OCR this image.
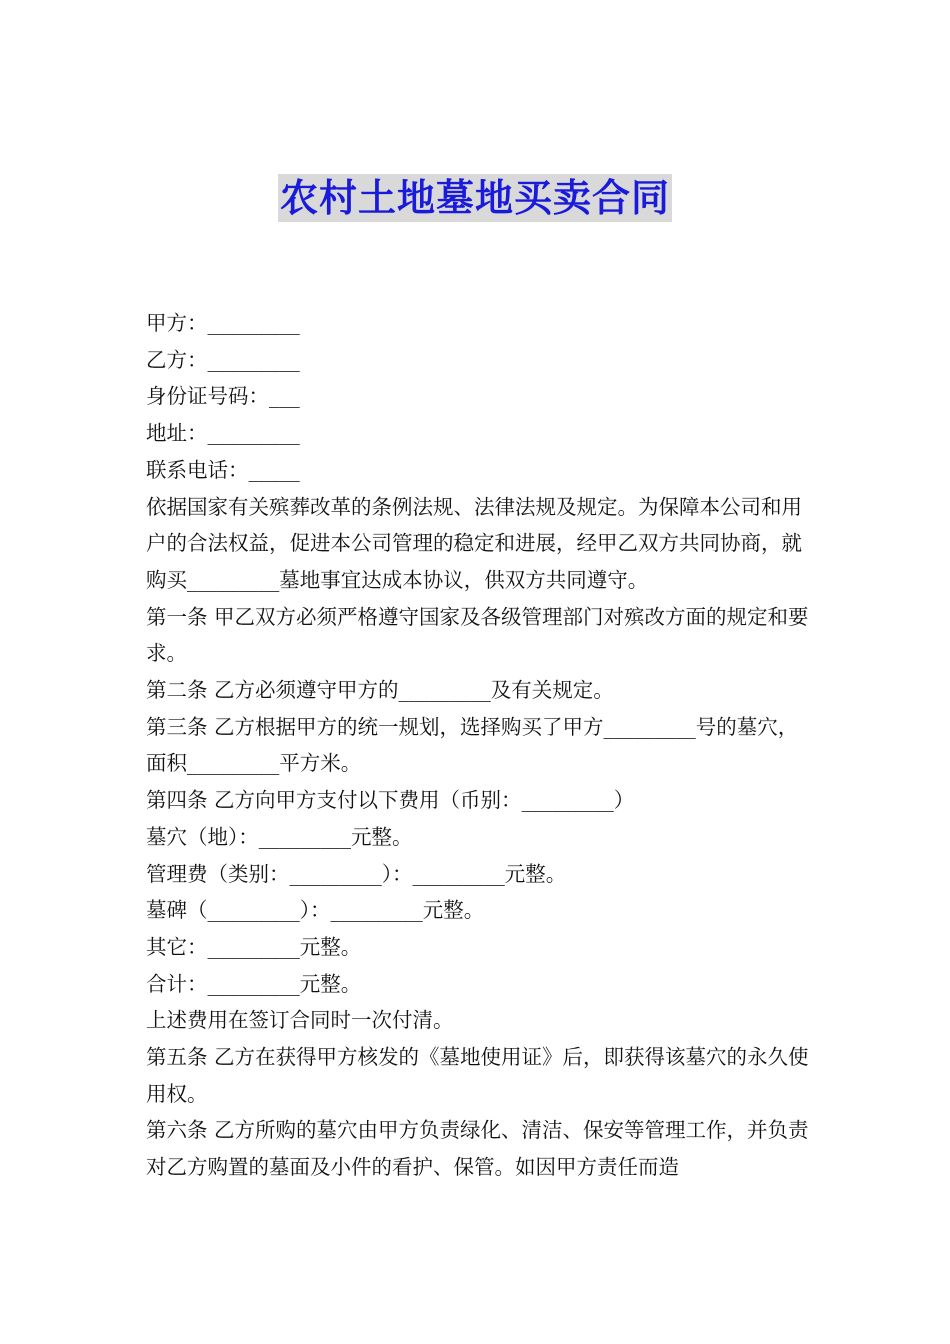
农村土地墓地买卖合同

甲方：_________

乙方：_________

身份证号码：___

地址：_________

联系电话：_____

依据国家有关殡葬改革的条例法规、法律法规及规定。为保障本公司和用户的合法权益，促进本公司管理的稳定和进展，经甲乙双方共同协商，就购买_________墓地事宜达成本协议，供双方共同遵守。

第一条 甲乙双方必须严格遵守国家及各级管理部门对殡改方面的规定和要求。

第二条 乙方必须遵守甲方的_________及有关规定。

第三条 乙方根据甲方的统一规划，选择购买了甲方_________号的墓穴，面积_________平方米。

第四条 乙方向甲方支付以下费用（币别：_________）

墓穴（地）：_________元整。

管理费（类别：_________）：_________元整。

墓碑（_________）：_________元整。

其它：_________元整。

合计：_________元整。

上述费用在签订合同时一次付清。

第五条 乙方在获得甲方核发的《墓地使用证》后，即获得该墓穴的永久使用权。

第六条 乙方所购的墓穴由甲方负责绿化、清洁、保安等管理工作，并负责对乙方购置的墓面及小件的看护、保管。如因甲方责任而造
